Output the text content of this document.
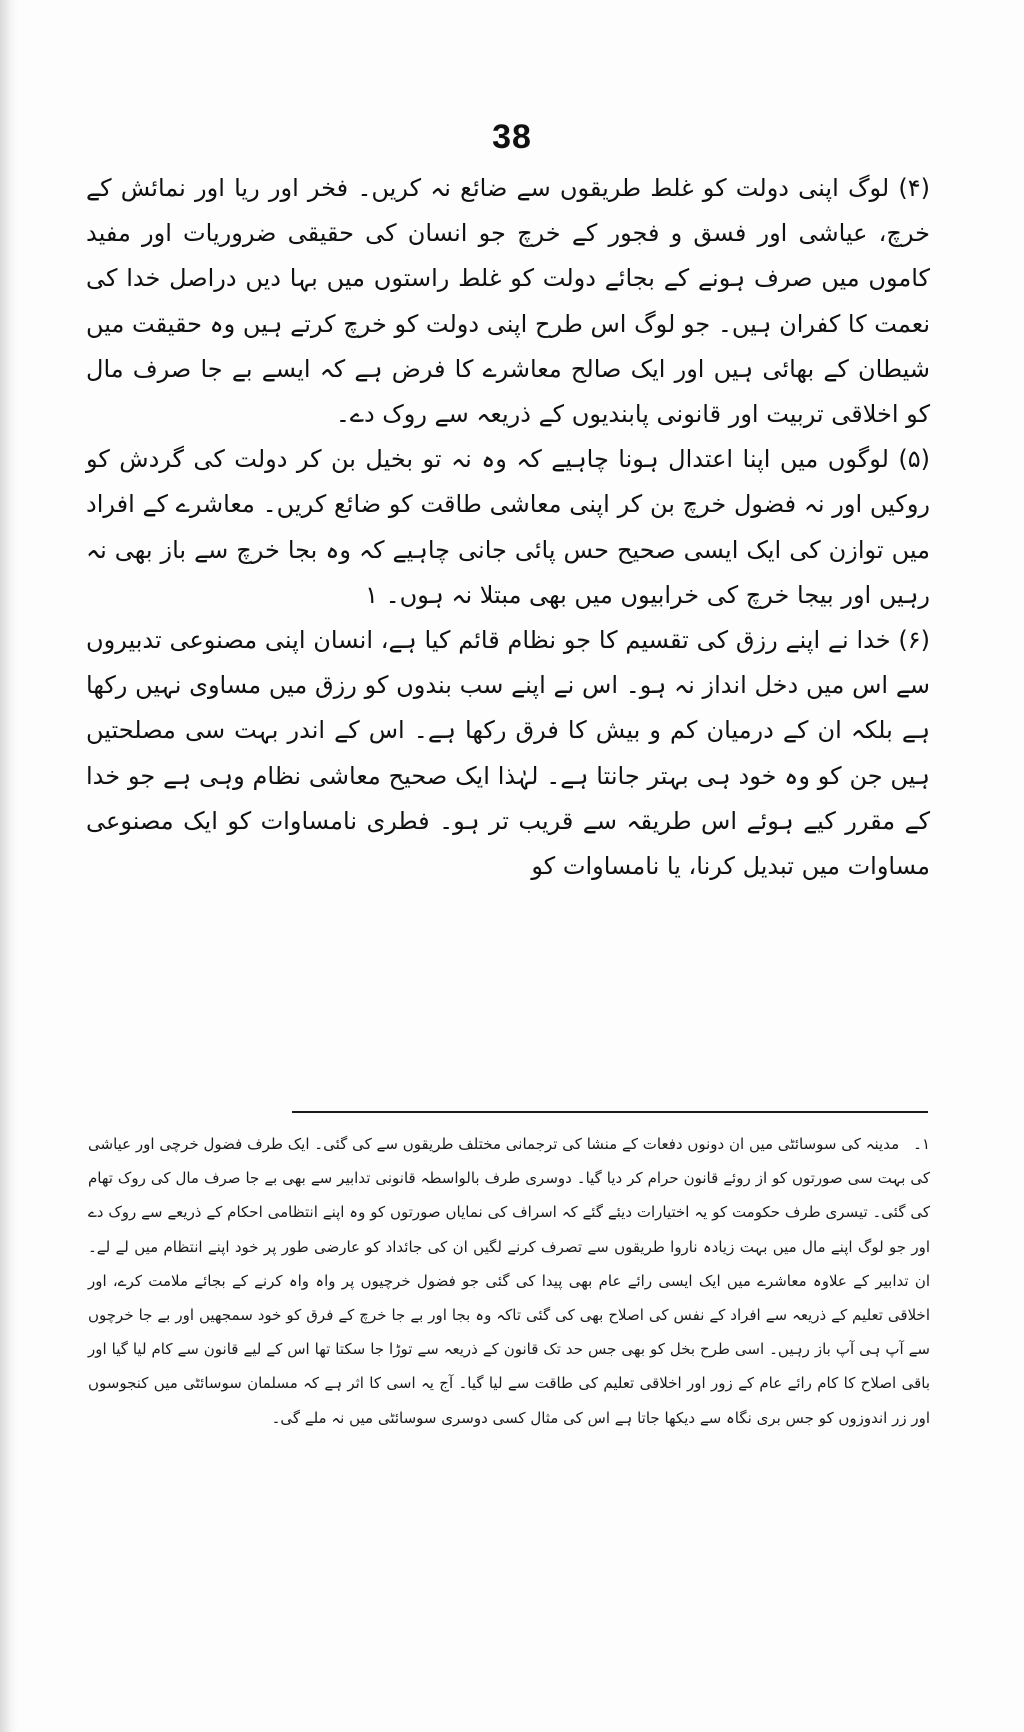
38

(۴) لوگ اپنی دولت کو غلط طریقوں سے ضائع نہ کریں۔ فخر اور ریا اور نمائش کے خرچ، عیاشی اور فسق و فجور کے خرچ جو انسان کی حقیقی ضروریات اور مفید کاموں میں صرف ہونے کے بجائے دولت کو غلط راستوں میں بہا دیں دراصل خدا کی نعمت کا کفران ہیں۔ جو لوگ اس طرح اپنی دولت کو خرچ کرتے ہیں وہ حقیقت میں شیطان کے بھائی ہیں اور ایک صالح معاشرے کا فرض ہے کہ ایسے بے جا صرف مال کو اخلاقی تربیت اور قانونی پابندیوں کے ذریعہ سے روک دے۔

(۵) لوگوں میں اپنا اعتدال ہونا چاہیے کہ وہ نہ تو بخیل بن کر دولت کی گردش کو روکیں اور نہ فضول خرچ بن کر اپنی معاشی طاقت کو ضائع کریں۔ معاشرے کے افراد میں توازن کی ایک ایسی صحیح حس پائی جانی چاہیے کہ وہ بجا خرچ سے باز بھی نہ رہیں اور بیجا خرچ کی خرابیوں میں بھی مبتلا نہ ہوں۔ ۱

(۶) خدا نے اپنے رزق کی تقسیم کا جو نظام قائم کیا ہے، انسان اپنی مصنوعی تدبیروں سے اس میں دخل انداز نہ ہو۔ اس نے اپنے سب بندوں کو رزق میں مساوی نہیں رکھا ہے بلکہ ان کے درمیان کم و بیش کا فرق رکھا ہے۔ اس کے اندر بہت سی مصلحتیں ہیں جن کو وہ خود ہی بہتر جانتا ہے۔ لہٰذا ایک صحیح معاشی نظام وہی ہے جو خدا کے مقرر کیے ہوئے اس طریقہ سے قریب تر ہو۔ فطری نامساوات کو ایک مصنوعی مساوات میں تبدیل کرنا، یا نامساوات کو

۱۔مدینہ کی سوسائٹی میں ان دونوں دفعات کے منشا کی ترجمانی مختلف طریقوں سے کی گئی۔ ایک طرف فضول خرچی اور عیاشی کی بہت سی صورتوں کو از روئے قانون حرام کر دیا گیا۔ دوسری طرف بالواسطہ قانونی تدابیر سے بھی بے جا صرف مال کی روک تھام کی گئی۔ تیسری طرف حکومت کو یہ اختیارات دیئے گئے کہ اسراف کی نمایاں صورتوں کو وہ اپنے انتظامی احکام کے ذریعے سے روک دے اور جو لوگ اپنے مال میں بہت زیادہ ناروا طریقوں سے تصرف کرنے لگیں ان کی جائداد کو عارضی طور پر خود اپنے انتظام میں لے لے۔ ان تدابیر کے علاوہ معاشرے میں ایک ایسی رائے عام بھی پیدا کی گئی جو فضول خرچیوں پر واہ واہ کرنے کے بجائے ملامت کرے، اور اخلاقی تعلیم کے ذریعہ سے افراد کے نفس کی اصلاح بھی کی گئی تاکہ وہ بجا اور بے جا خرچ کے فرق کو خود سمجھیں اور بے جا خرچوں سے آپ ہی آپ باز رہیں۔ اسی طرح بخل کو بھی جس حد تک قانون کے ذریعہ سے توڑا جا سکتا تھا اس کے لیے قانون سے کام لیا گیا اور باقی اصلاح کا کام رائے عام کے زور اور اخلاقی تعلیم کی طاقت سے لیا گیا۔ آج یہ اسی کا اثر ہے کہ مسلمان سوسائٹی میں کنجوسوں اور زر اندوزوں کو جس بری نگاہ سے دیکھا جاتا ہے اس کی مثال کسی دوسری سوسائٹی میں نہ ملے گی۔
